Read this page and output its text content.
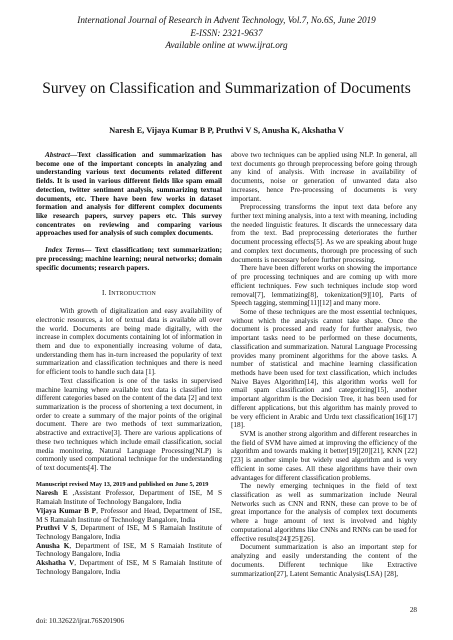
International Journal of Research in Advent Technology, Vol.7, No.6S, June 2019
E-ISSN: 2321-9637
Available online at www.ijrat.org
Survey on Classification and Summarization of Documents
Naresh E, Vijaya Kumar B P, Pruthvi V S, Anusha K, Akshatha V

Abstract—Text classification and summarization has become one of the important concepts in analyzing and understanding various text documents related different fields. It is used in various different fields like spam email detection, twitter sentiment analysis, summarizing textual documents, etc. There have been few works in dataset formation and analysis for different complex documents like research papers, survey papers etc. This survey concentrates on reviewing and comparing various approaches used for analysis of such complex documents.

Index Terms— Text classification; text summarization; pre processing; machine learning; neural networks; domain specific documents; research papers.

I. INTRODUCTION

With growth of digitalization and easy availability of electronic resources, a lot of textual data is available all over the world. Documents are being made digitally, with the increase in complex documents containing lot of information in them and due to exponentially increasing volume of data, understanding them has in-turn increased the popularity of text summarization and classification techniques and there is need for efficient tools to handle such data [1].

Text classification is one of the tasks in supervised machine learning where available text data is classified into different categories based on the content of the data [2] and text summarization is the process of shortening a text document, in order to create a summary of the major points of the original document. There are two methods of text summarization, abstractive and extractive[3]. There are various applications of these two techniques which include email classification, social media monitoring. Natural Language Processing(NLP) is commonly used computational technique for the understanding of text documents[4]. The

Manuscript revised May 13, 2019 and published on June 5, 2019

Naresh E ,Assistant Professor, Department of ISE, M S Ramaiah Institute of Technology Bangalore, India

Vijaya Kumar B P, Professor and Head, Department of ISE, M S Ramaiah Institute of Technology Bangalore, India

Pruthvi V S, Department of ISE, M S Ramaiah Institute of Technology Bangalore, India

Anusha K, Department of ISE, M S Ramaiah Institute of Technology Bangalore, India

Akshatha V, Department of ISE, M S Ramaiah Institute of Technology Bangalore, India

above two techniques can be applied using NLP. In general, all text documents go through preprocessing before going through any kind of analysis. With increase in availability of documents, noise or generation of unwanted data also increases, hence Pre-processing of documents is very important.

Preprocessing transforms the input text data before any further text mining analysis, into a text with meaning, including the needed linguistic features. It discards the unnecessary data from the text. Bad preprocessing deteriorates the further document processing effects[5]. As we are speaking about huge and complex text documents, thorough pre processing of such documents is necessary before further processing.

There have been different works on showing the importance of pre processing techniques and are coming up with more efficient techniques. Few such techniques include stop word removal[7], lemmatizing[8], tokenization[9][10], Parts of Speech tagging, stemming[11][12] and many more.

Some of these techniques are the most essential techniques, without which the analysis cannot take shape. Once the document is processed and ready for further analysis, two important tasks need to be performed on these documents, classification and summarization. Natural Language Processing provides many prominent algorithms for the above tasks. A number of statistical and machine learning classification methods have been used for text classification, which includes Naive Bayes Algorithm[14], this algorithm works well for email spam classification and categorizing[15], another important algorithm is the Decision Tree, it has been used for different applications, but this algorithm has mainly proved to be very efficient in Arabic and Urdu text classification[16][17][18].

SVM is another strong algorithm and different researches in the field of SVM have aimed at improving the efficiency of the algorithm and towards making it better[19][20][21], KNN [22][23] is another simple but widely used algorithm and is very efficient in some cases. All these algorithms have their own advantages for different classification problems.

The newly emerging techniques in the field of text classification as well as summarization include Neural Networks such as CNN and RNN, these can prove to be of great importance for the analysis of complex text documents where a huge amount of text is involved and highly computational algorithms like CNNs and RNNs can be used for effective results[24][25][26].

Document summarization is also an important step for analyzing and easily understanding the content of the documents. Different technique like Extractive summarization[27], Latent Semantic Analysis(LSA) [28],

28
doi: 10.32622/ijrat.76S201906
